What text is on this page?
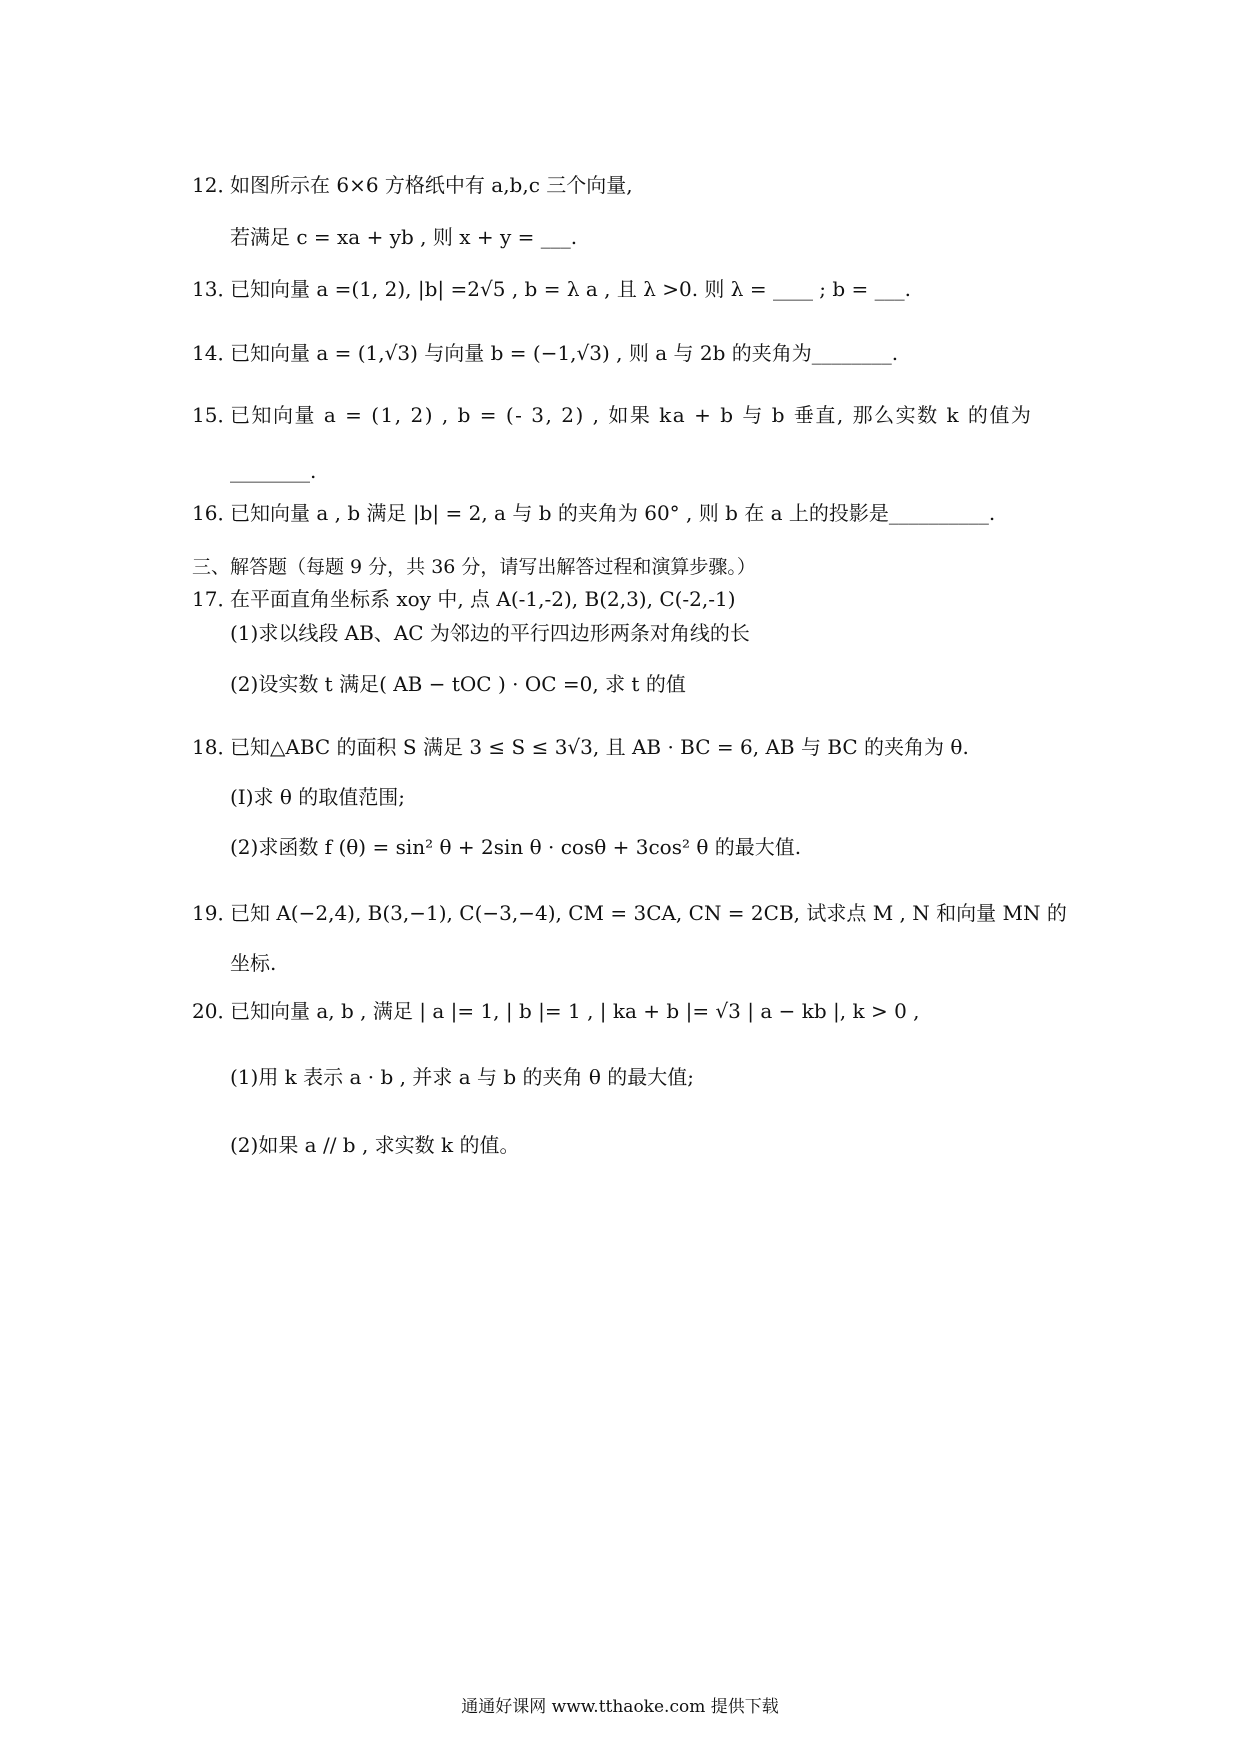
12．如图所示在 6×6 方格纸中有 a,b,c 三个向量,
若满足 c = xa + yb , 则 x + y = ___.
13．已知向量 a =(1, 2), |b| =2√5 , b = λ a , 且 λ >0. 则 λ = ____ ; b = ___.
14．已知向量 a = (1,√3) 与向量 b = (−1,√3) , 则 a 与 2b 的夹角为________.
15．已知向量 a = (1, 2) , b = (- 3, 2) , 如果 ka + b 与 b 垂直, 那么实数 k 的值为
________.
16．已知向量 a , b 满足 |b| = 2, a 与 b 的夹角为 60° , 则 b 在 a 上的投影是__________.
三、解答题（每题 9 分，共 36 分，请写出解答过程和演算步骤。）
17．在平面直角坐标系 xoy 中, 点 A(-1,-2), B(2,3), C(-2,-1)
(1)求以线段 AB、AC 为邻边的平行四边形两条对角线的长
(2)设实数 t 满足( AB − tOC ) · OC =0, 求 t 的值
18．已知△ABC 的面积 S 满足 3 ≤ S ≤ 3√3, 且 AB · BC = 6, AB 与 BC 的夹角为 θ.
(I)求 θ 的取值范围;
(2)求函数 f (θ) = sin² θ + 2sin θ · cosθ + 3cos² θ 的最大值.
19．已知 A(−2,4), B(3,−1), C(−3,−4), CM = 3CA, CN = 2CB, 试求点 M , N 和向量 MN 的
坐标.
20．已知向量 a, b , 满足 | a |= 1, | b |= 1 , | ka + b |= √3 | a − kb |, k > 0 ,
(1)用 k 表示 a · b , 并求 a 与 b 的夹角 θ 的最大值;
(2)如果 a // b , 求实数 k 的值。
通通好课网 www.tthaoke.com 提供下载
